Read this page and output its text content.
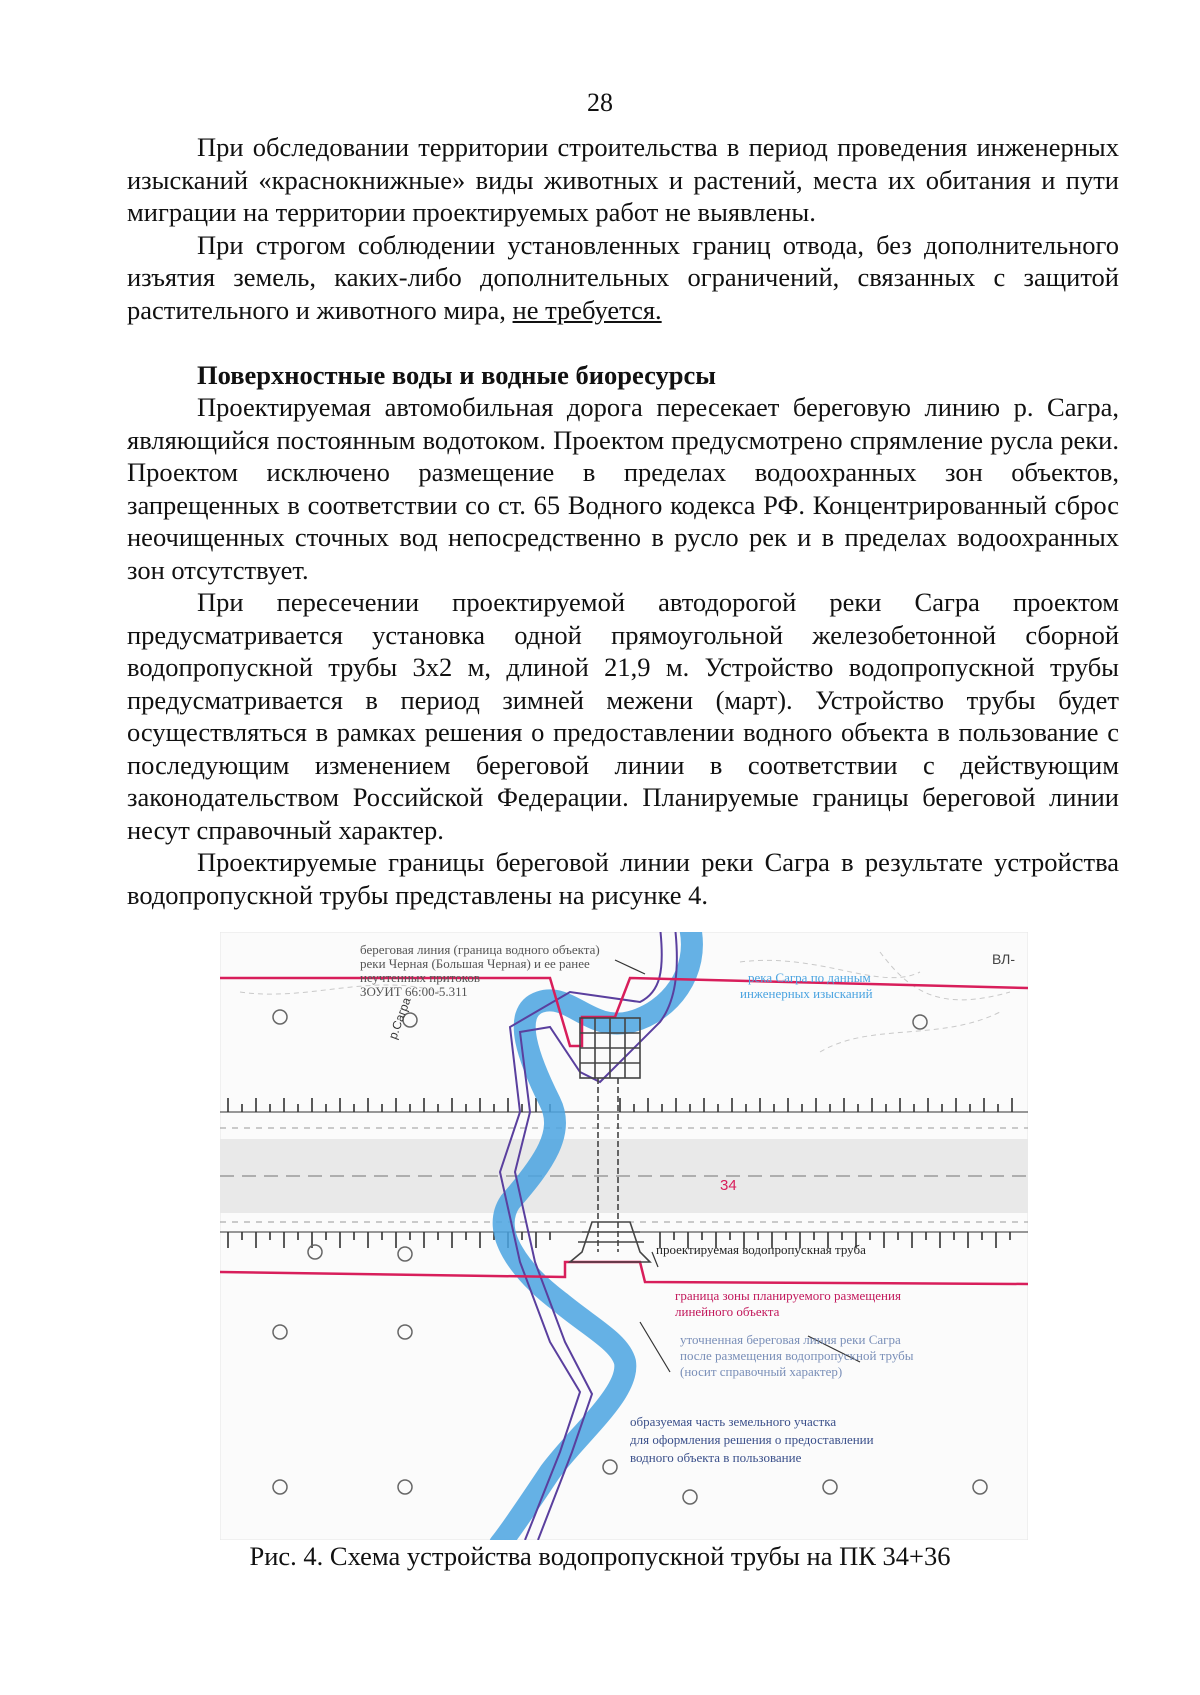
28

При обследовании территории строительства в период проведения инженерных изысканий «краснокнижные» виды животных и растений, места их обитания и пути миграции на территории проектируемых работ не выявлены.

При строгом соблюдении установленных границ отвода, без дополнительного изъятия земель, каких-либо дополнительных ограничений, связанных с защитой растительного и животного мира, не требуется.

Поверхностные воды и водные биоресурсы

Проектируемая автомобильная дорога пересекает береговую линию р. Сагра, являющийся постоянным водотоком. Проектом предусмотрено спрямление русла реки. Проектом исключено размещение в пределах водоохранных зон объектов, запрещенных в соответствии со ст. 65 Водного кодекса РФ. Концентрированный сброс неочищенных сточных вод непосредственно в русло рек и в пределах водоохранных зон отсутствует.

При пересечении проектируемой автодорогой реки Сагра проектом предусматривается установка одной прямоугольной железобетонной сборной водопропускной трубы 3х2 м, длиной 21,9 м. Устройство водопропускной трубы предусматривается в период зимней межени (март). Устройство трубы будет осуществляться в рамках решения о предоставлении водного объекта в пользование с последующим изменением береговой линии в соответствии с действующим законодательством Российской Федерации. Планируемые границы береговой линии несут справочный характер.

Проектируемые границы береговой линии реки Сагра в результате устройства водопропускной трубы представлены на рисунке 4.

береговая линия (граница водного объекта)
реки Черная (Большая Черная) и ее ранее
неучтенных притоков
ЗОУИТ 66:00-5.311
река Сагра по данным
инженерных изысканий
ВЛ-
р.Сагра
34
проектируемая водопропускная труба
граница зоны планируемого размещения
линейного объекта
уточненная береговая линия реки Сагра
после размещения водопропускной трубы
(носит справочный характер)
образуемая часть земельного участка
для оформления решения о предоставлении
водного объекта в пользование
Рис. 4. Схема устройства водопропускной трубы на ПК 34+36
